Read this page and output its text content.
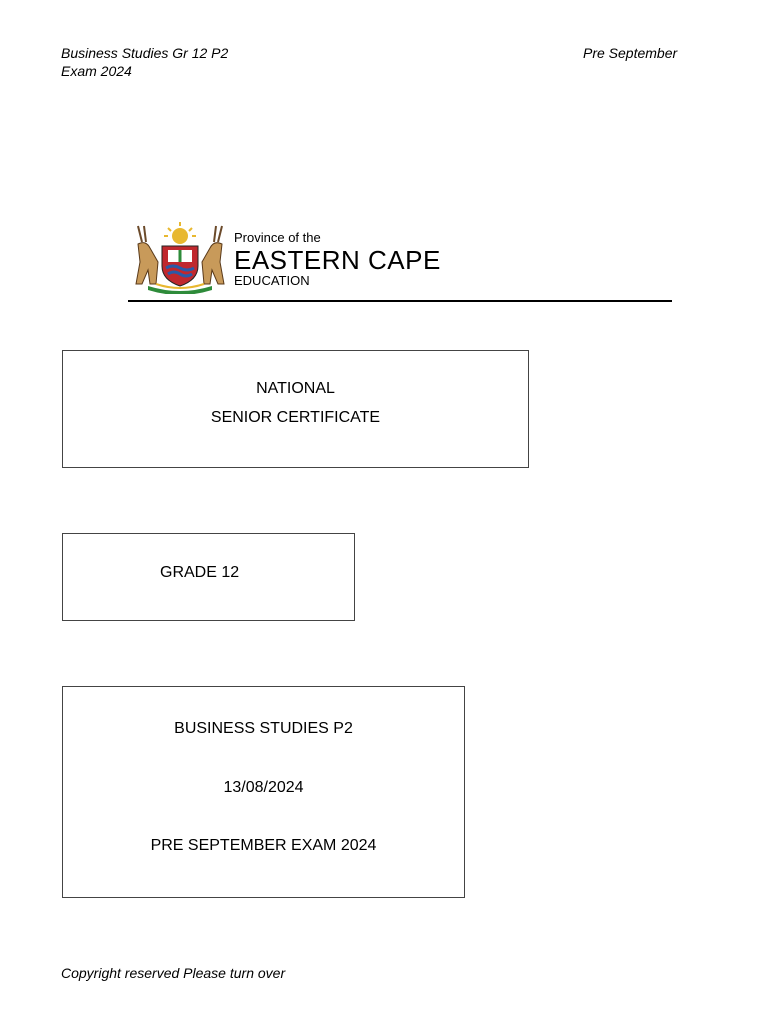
Business Studies Gr 12 P2
Exam 2024
Pre September
Province of the
EASTERN CAPE
EDUCATION
NATIONAL
SENIOR CERTIFICATE
GRADE 12
BUSINESS STUDIES P2
13/08/2024
PRE SEPTEMBER EXAM 2024
Copyright reserved Please turn over
